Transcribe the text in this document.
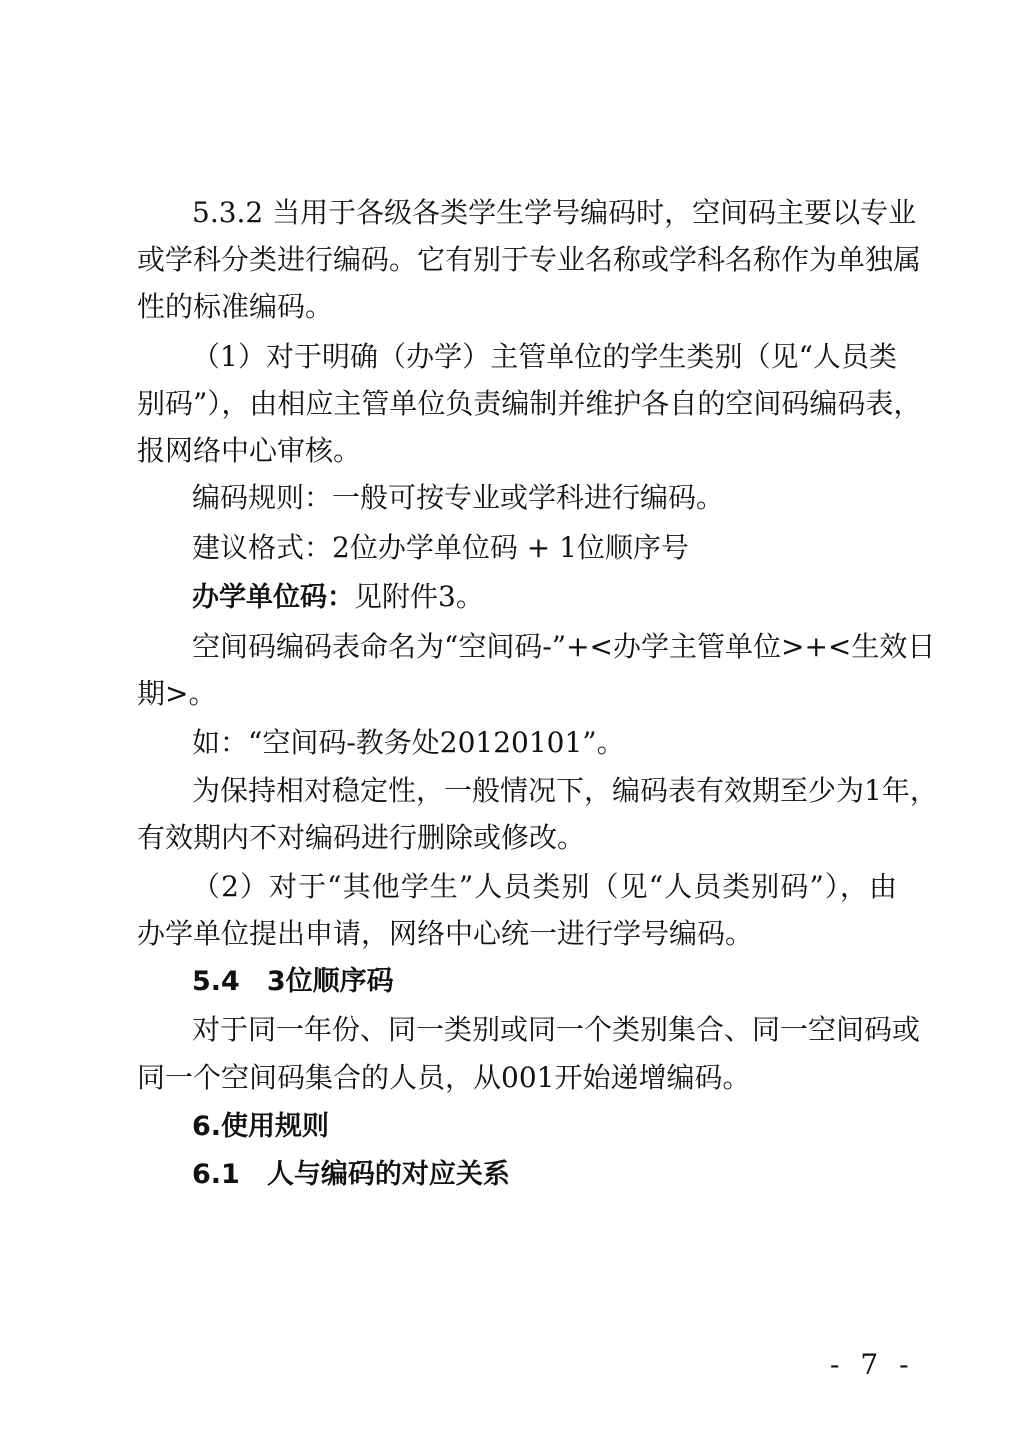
5.3.2 当用于各级各类学生学号编码时，空间码主要以专业
或学科分类进行编码。它有别于专业名称或学科名称作为单独属
性的标准编码。
（1）对于明确（办学）主管单位的学生类别（见“人员类
别码”），由相应主管单位负责编制并维护各自的空间码编码表，
报网络中心审核。
编码规则：一般可按专业或学科进行编码。
建议格式：2位办学单位码 + 1位顺序号
办学单位码：见附件3。
空间码编码表命名为“空间码-”+<办学主管单位>+<生效日
期>。
如：“空间码-教务处20120101”。
为保持相对稳定性，一般情况下，编码表有效期至少为1年，
有效期内不对编码进行删除或修改。
（2）对于“其他学生”人员类别（见“人员类别码”），由
办学单位提出申请，网络中心统一进行学号编码。
5.4　3位顺序码
对于同一年份、同一类别或同一个类别集合、同一空间码或
同一个空间码集合的人员，从001开始递增编码。
6.使用规则
6.1　人与编码的对应关系
- 7 -
